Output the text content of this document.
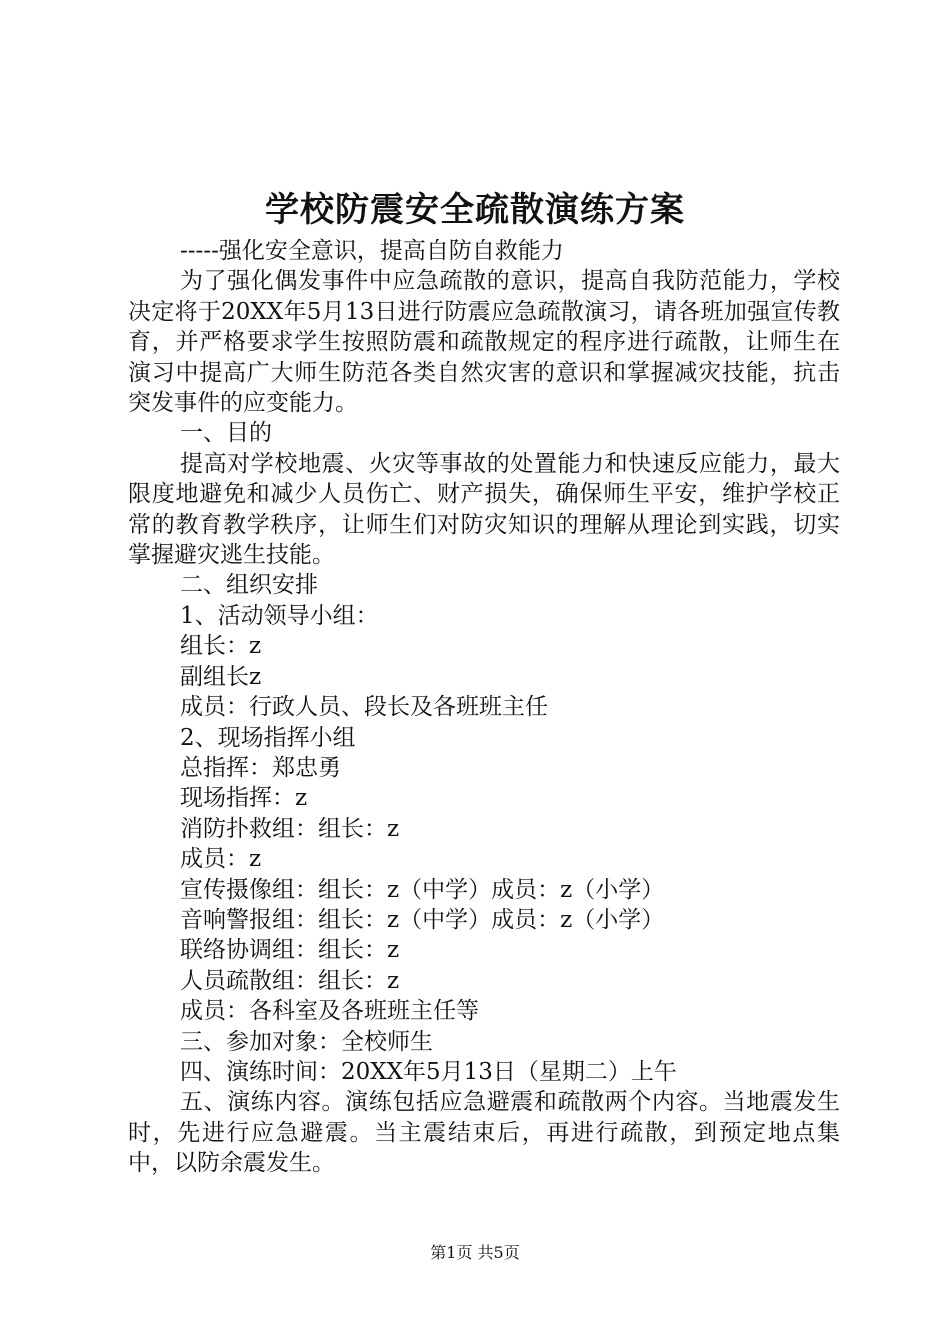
学校防震安全疏散演练方案

-----强化安全意识，提高自防自救能力

为了强化偶发事件中应急疏散的意识，提高自我防范能力，学校决定将于20XX年5月13日进行防震应急疏散演习，请各班加强宣传教育，并严格要求学生按照防震和疏散规定的程序进行疏散，让师生在演习中提高广大师生防范各类自然灾害的意识和掌握减灾技能，抗击突发事件的应变能力。

一、目的

提高对学校地震、火灾等事故的处置能力和快速反应能力，最大限度地避免和减少人员伤亡、财产损失，确保师生平安，维护学校正常的教育教学秩序，让师生们对防灾知识的理解从理论到实践，切实掌握避灾逃生技能。

二、组织安排

1、活动领导小组：

组长：z

副组长z

成员：行政人员、段长及各班班主任

2、现场指挥小组

总指挥：郑忠勇

现场指挥：z

消防扑救组：组长：z

成员：z

宣传摄像组：组长：z（中学）成员：z（小学）

音响警报组：组长：z（中学）成员：z（小学）

联络协调组：组长：z

人员疏散组：组长：z

成员：各科室及各班班主任等

三、参加对象：全校师生

四、演练时间：20XX年5月13日（星期二）上午

五、演练内容。演练包括应急避震和疏散两个内容。当地震发生时，先进行应急避震。当主震结束后，再进行疏散，到预定地点集中，以防余震发生。

第1页 共5页
